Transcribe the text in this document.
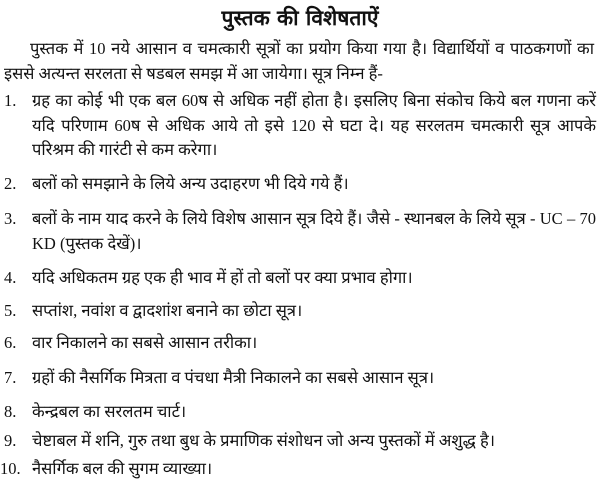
पुस्तक की विशेषताऐं
पुस्तक में 10 नये आसान व चमत्कारी सूत्रों का प्रयोग किया गया है। विद्यार्थियों व पाठकगणों का इससे अत्यन्त सरलता से षडबल समझ में आ जायेगा। सूत्र निम्न हैं-
1. ग्रह का कोई भी एक बल 60ष से अधिक नहीं होता है। इसलिए बिना संकोच किये बल गणना करें यदि परिणाम 60ष से अधिक आये तो इसे 120 से घटा दे। यह सरलतम चमत्कारी सूत्र आपके परिश्रम की गारंटी से कम करेगा।
2. बलों को समझाने के लिये अन्य उदाहरण भी दिये गये हैं।
3. बलों के नाम याद करने के लिये विशेष आसान सूत्र दिये हैं। जैसे - स्थानबल के लिये सूत्र - UC – 70 KD (पुस्तक देखें)।
4. यदि अधिकतम ग्रह एक ही भाव में हों तो बलों पर क्या प्रभाव होगा।
5. सप्तांश, नवांश व द्वादशांश बनाने का छोटा सूत्र।
6. वार निकालने का सबसे आसान तरीका।
7. ग्रहों की नैसर्गिक मित्रता व पंचधा मैत्री निकालने का सबसे आसान सूत्र।
8. केन्द्रबल का सरलतम चार्ट।
9. चेष्टाबल में शनि, गुरु तथा बुध के प्रमाणिक संशोधन जो अन्य पुस्तकों में अशुद्ध है।
10. नैसर्गिक बल की सुगम व्याख्या।
